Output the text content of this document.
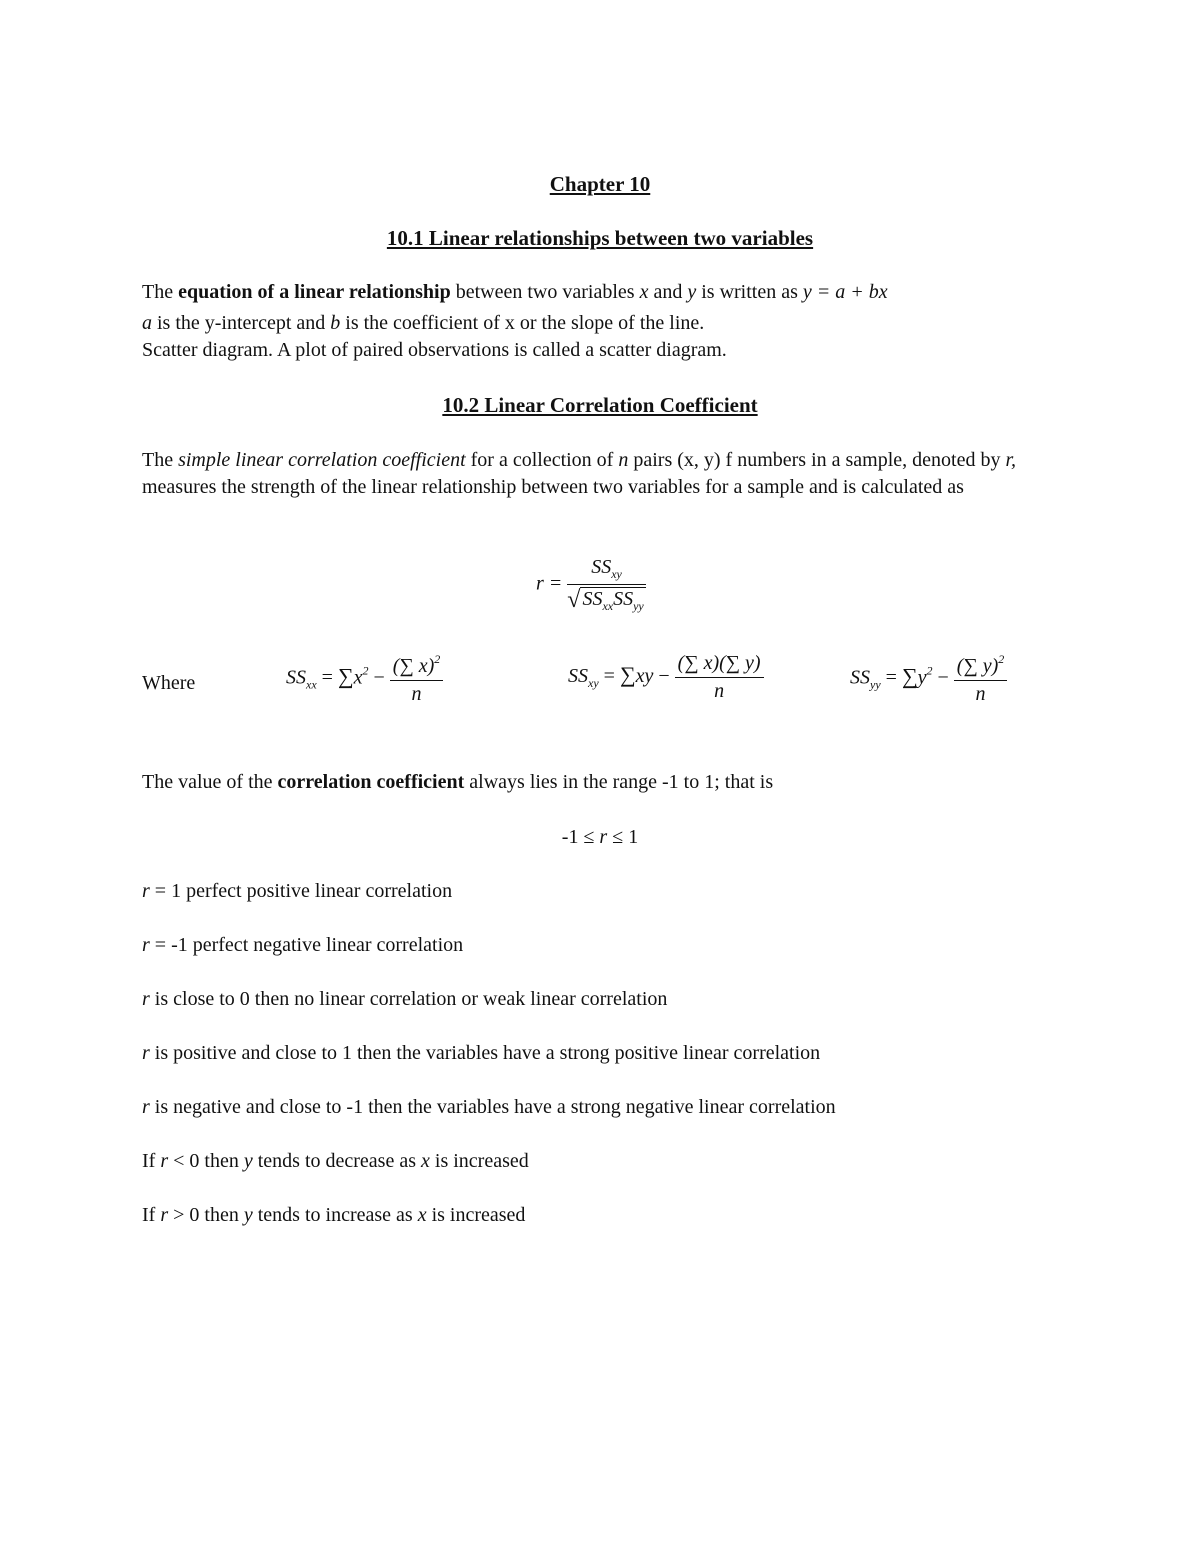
Chapter 10
10.1 Linear relationships between two variables
The equation of a linear relationship between two variables x and y is written as y = a + bx
a is the y-intercept and b is the coefficient of x or the slope of the line.
Scatter diagram. A plot of paired observations is called a scatter diagram.
10.2 Linear Correlation Coefficient
The simple linear correlation coefficient for a collection of n pairs (x, y) f numbers in a sample, denoted by r, measures the strength of the linear relationship between two variables for a sample and is calculated as
$r = \frac{SS_{xy}}{√ SS_{xx}SS_{yy}}$
Where	$SS_{xx} = \sum x^2 - \frac{(\sum x)^2}{n}$	$SS_{xy} = \sum xy - \frac{(\sum x)(\sum y)}{n}$	$SS_{yy} = \sum y^2 - \frac{(\sum y)^2}{n}$
The value of the correlation coefficient always lies in the range -1 to 1; that is
-1 ≤ r ≤ 1
r = 1 perfect positive linear correlation
r = -1 perfect negative linear correlation
r is close to 0 then no linear correlation or weak linear correlation
r is positive and close to 1 then the variables have a strong positive linear correlation
r is negative and close to -1 then the variables have a strong negative linear correlation
If r < 0 then y tends to decrease as x is increased
If r > 0 then y tends to increase as x is increased
